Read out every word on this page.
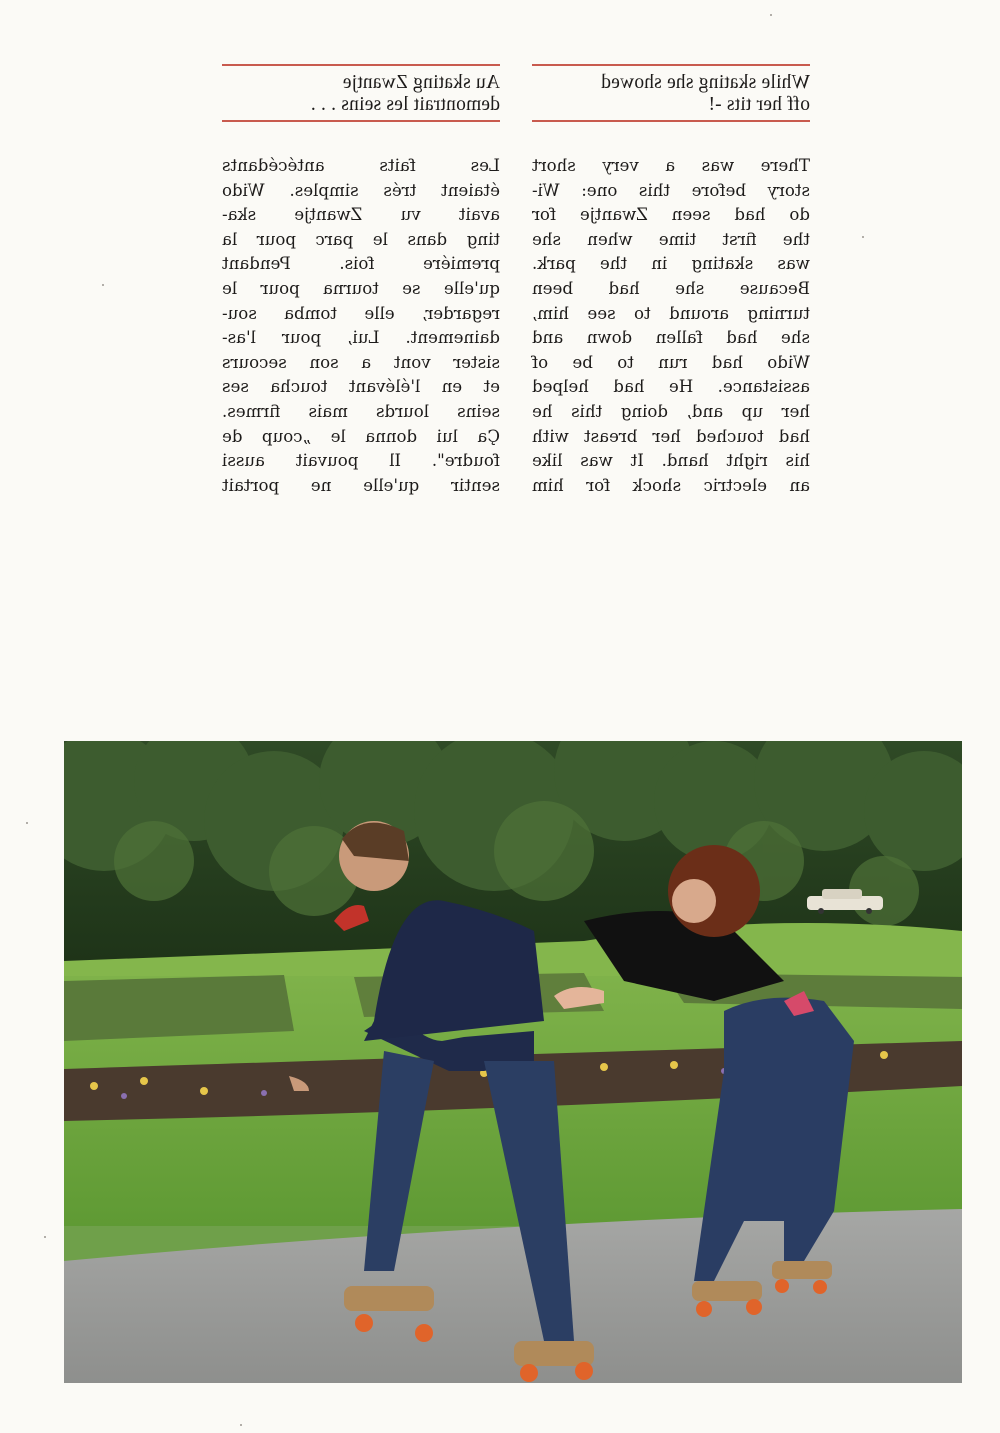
While skating she showed
off her tits -!
There was a very short
story before this one: Wi-
do had seen Zwantje for
the first time when she
was skating in the park.
Because she had been
turning around to see him,
she had fallen down and
Wido had run to be of
assistance. He had helped
her up and, doing this he
had touched her breast with
his right hand. It was like
an electric shock for him
Au skating Zwantje
demontrait les seins . . .
Les faits antécédants
étaient trés simples. Wido
avait vu Zwantje ska-
ting dans le parc pour la
premiére fois. Pendant
qu'elle se tourna pour le
regarder, elle tomba sou-
dainement. Lui, pour l'as-
sister vont a son secours
et en l'élévant toucha ses
seins lourds mais firmes.
Ça lui donna le „coup de
foudre". Il pouvait aussi
sentir qu'elle ne portait
